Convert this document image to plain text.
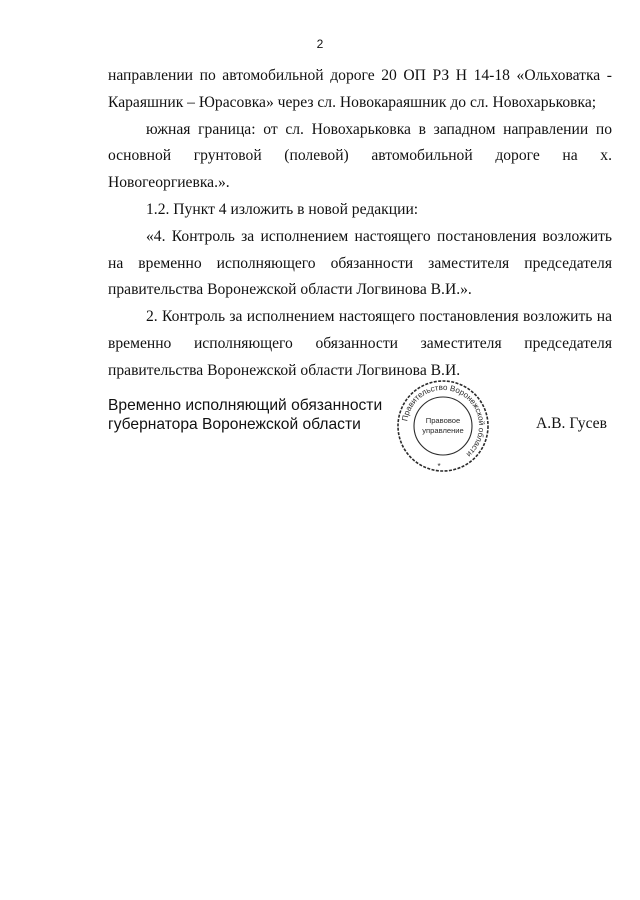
2

направлении по автомобильной дороге 20 ОП РЗ Н 14-18 «Ольховатка -

Караяшник – Юрасовка» через сл. Новокараяшник до сл. Новохарьковка;

южная граница: от сл. Новохарьковка в западном направлении по основной грунтовой (полевой) автомобильной дороге на х. Новогеоргиевка.».

1.2. Пункт 4 изложить в новой редакции:

«4. Контроль за исполнением настоящего постановления возложить на временно исполняющего обязанности заместителя председателя правительства Воронежской области Логвинова В.И.».

2. Контроль за исполнением настоящего постановления возложить на временно исполняющего обязанности заместителя председателя правительства Воронежской области Логвинова В.И.

Временно исполняющий обязанности
губернатора Воронежской области	Правительство Воронежской области
Правовое
управление
*
А.В. Гусев
